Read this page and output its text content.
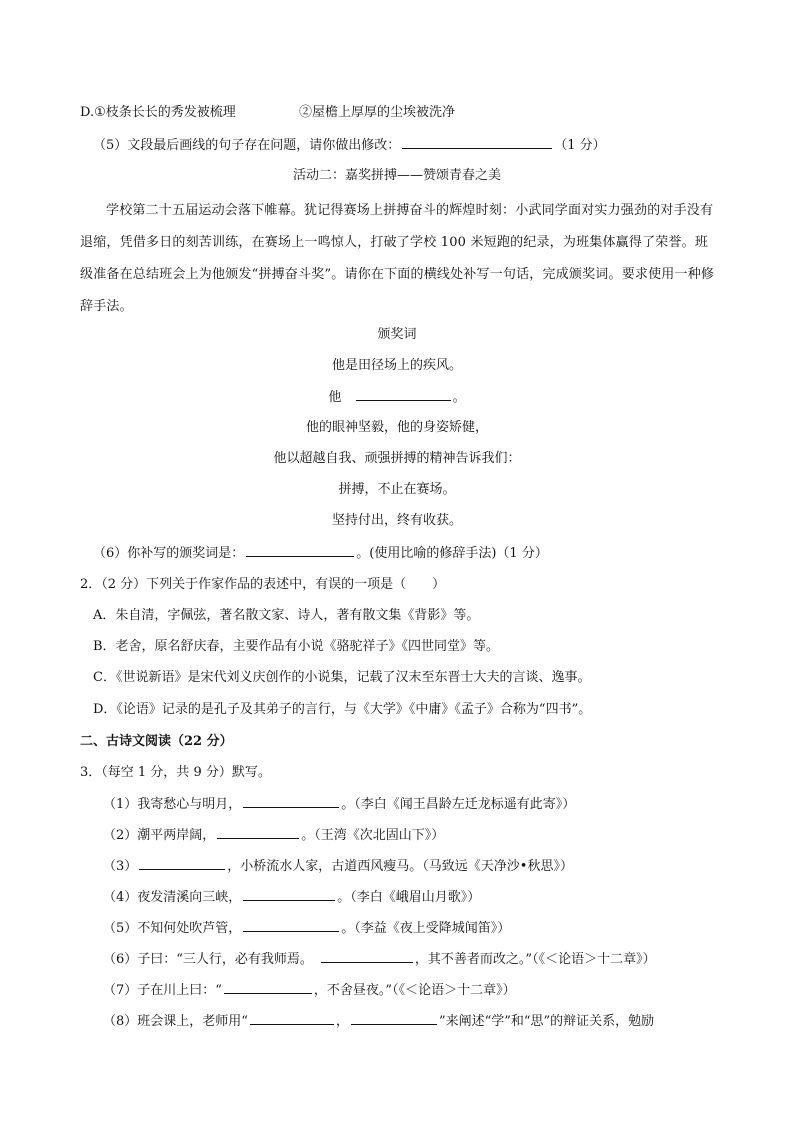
D.①枝条长长的秀发被梳理	②屋檐上厚厚的尘埃被洗净
（5）文段最后画线的句子存在问题，请你做出修改：	（1 分）
活动二：嘉奖拼搏——赞颂青春之美
学校第二十五届运动会落下帷幕。犹记得赛场上拼搏奋斗的辉煌时刻：小武同学面对实力强劲的对手没有退缩，凭借多日的刻苦训练，在赛场上一鸣惊人，打破了学校 100 米短跑的纪录，为班集体赢得了荣誉。班级准备在总结班会上为他颁发“拼搏奋斗奖”。请你在下面的横线处补写一句话，完成颁奖词。要求使用一种修辞手法。
颁奖词
他是田径场上的疾风。
他	。
他的眼神坚毅，他的身姿矫健，
他以超越自我、顽强拼搏的精神告诉我们：
拼搏，不止在赛场。
坚持付出，终有收获。
（6）你补写的颁奖词是：	。(使用比喻的修辞手法)（1 分）
2．（2 分）下列关于作家作品的表述中，有误的一项是（　　）
A．朱自清，字佩弦，著名散文家、诗人，著有散文集《背影》等。
B．老舍，原名舒庆春，主要作品有小说《骆驼祥子》《四世同堂》等。
C．《世说新语》是宋代刘义庆创作的小说集，记载了汉末至东晋士大夫的言谈、逸事。
D．《论语》记录的是孔子及其弟子的言行，与《大学》《中庸》《孟子》合称为“四书”。
二、古诗文阅读（22 分）
3．（每空 1 分，共 9 分）默写。
（1）我寄愁心与明月，	。（李白《闻王昌龄左迁龙标遥有此寄》）
（2）潮平两岸阔，	。（王湾《次北固山下》）
（3）	，小桥流水人家，古道西风瘦马。（马致远《天净沙•秋思》）
（4）夜发清溪向三峡，	。（李白《峨眉山月歌》）
（5）不知何处吹芦管，	。（李益《夜上受降城闻笛》）
（6）子曰：“三人行，必有我师焉。	，其不善者而改之。”（《＜论语＞十二章》）
（7）子在川上曰：“	，不舍昼夜。”（《＜论语＞十二章》）
（8）班会课上，老师用“	，	”来阐述“学”和“思”的辩证关系，勉励
